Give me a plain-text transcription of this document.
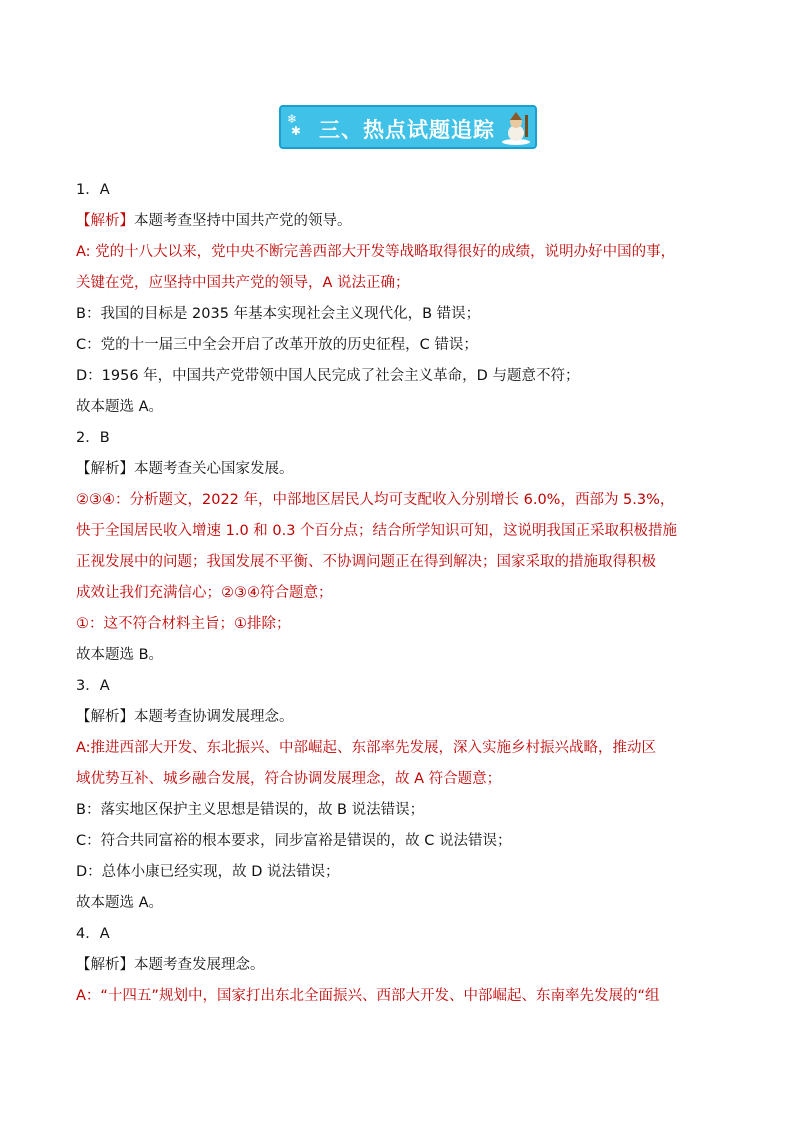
❄
✱ 三、热点试题追踪
1．A
【解析】本题考查坚持中国共产党的领导。
A: 党的十八大以来，党中央不断完善西部大开发等战略取得很好的成绩，说明办好中国的事，
关键在党，应坚持中国共产党的领导，A 说法正确；
B：我国的目标是 2035 年基本实现社会主义现代化，B 错误；
C：党的十一届三中全会开启了改革开放的历史征程，C 错误；
D：1956 年，中国共产党带领中国人民完成了社会主义革命，D 与题意不符；
故本题选 A。
2．B
【解析】本题考查关心国家发展。
②③④：分析题文，2022 年，中部地区居民人均可支配收入分别增长 6.0%，西部为 5.3%，
快于全国居民收入增速 1.0 和 0.3 个百分点；结合所学知识可知，这说明我国正采取积极措施
正视发展中的问题；我国发展不平衡、不协调问题正在得到解决；国家采取的措施取得积极
成效让我们充满信心；②③④符合题意；
①：这不符合材料主旨；①排除；
故本题选 B。
3．A
【解析】本题考查协调发展理念。
A:推进西部大开发、东北振兴、中部崛起、东部率先发展，深入实施乡村振兴战略，推动区
域优势互补、城乡融合发展，符合协调发展理念，故 A 符合题意；
B：落实地区保护主义思想是错误的，故 B 说法错误；
C：符合共同富裕的根本要求，同步富裕是错误的，故 C 说法错误；
D：总体小康已经实现，故 D 说法错误；
故本题选 A。
4．A
【解析】本题考查发展理念。
A：“十四五”规划中，国家打出东北全面振兴、西部大开发、中部崛起、东南率先发展的“组
